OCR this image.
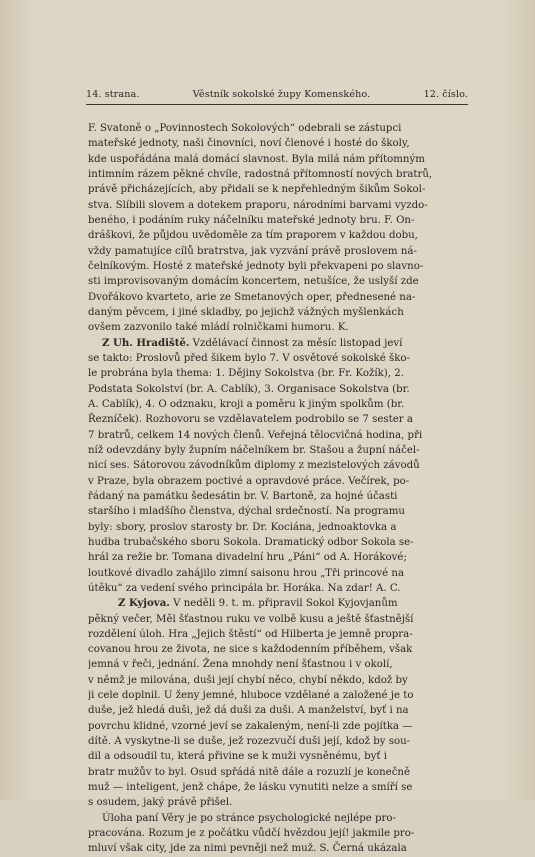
14. strana.	Věstník sokolské župy Komenského.	12. číslo.
F. Svatoně o „Povinnostech Sokolových“ odebrali se zástupci
mateřské jednoty, naši činovníci, noví členové i hosté do školy,
kde uspořádána malá domácí slavnost. Byla milá nám přítomným
intimním rázem pěkné chvíle, radostná přítomností nových bratrů,
právě přicházejících, aby přidali se k nepřehledným šikům Sokol-
stva. Slíbili slovem a dotekem praporu, národními barvami vyzdo-
beného, i podáním ruky náčelníku mateřské jednoty bru. F. On-
dráškovi, že půjdou uvědoměle za tím praporem v každou dobu,
vždy pamatujíce cílů bratrstva, jak vyzvání právě proslovem ná-
čelníkovým. Hosté z mateřské jednoty byli překvapeni po slavno-
sti improvisovaným domácím koncertem, netušíce, že uslyší zde
Dvořákovo kvarteto, arie ze Smetanových oper, přednesené na-
daným pěvcem, i jiné skladby, po jejichž vážných myšlenkách
ovšem zazvonilo také mládí rolničkami humoru. K.
Z Uh. Hradiště. Vzdělávací činnost za měsíc listopad jeví
se takto: Proslovů před šikem bylo 7. V osvětové sokolské ško-
le probrána byla thema: 1. Dějiny Sokolstva (br. Fr. Kožík), 2.
Podstata Sokolství (br. A. Cablík), 3. Organisace Sokolstva (br.
A. Cablík), 4. O odznaku, kroji a poměru k jiným spolkům (br.
Řezníček). Rozhovoru se vzdělavatelem podrobilo se 7 sester a
7 bratrů, celkem 14 nových členů. Veřejná tělocvičná hodina, při
níž odevzdány byly župním náčelníkem br. Stašou a župní náčel-
nicí ses. Sátorovou závodníkům diplomy z mezistelových závodů
v Praze, byla obrazem poctivé a opravdové práce. Večírek, po-
řádaný na památku šedesátin br. V. Bartoně, za hojné účasti
staršího i mladšího členstva, dýchal srdečností. Na programu
byly: sbory, proslov starosty br. Dr. Kociána, jednoaktovka a
hudba trubačského sboru Sokola. Dramatický odbor Sokola se-
hrál za režie br. Tomana divadelní hru „Páni“ od A. Horákové;
loutkové divadlo zahájilo zimní saisonu hrou „Tři princové na
útěku“ za vedení svého principála br. Horáka. Na zdar! A. C.
Z Kyjova. V neděli 9. t. m. připravil Sokol Kyjovjanům
pěkný večer, Měl šťastnou ruku ve volbě kusu a ještě šťastnější
rozdělení úloh. Hra „Jejich štěstí“ od Hilberta je jemně propra-
covanou hrou ze života, ne sice s každodenním příběhem, však
jemná v řeči, jednání. Žena mnohdy není šťastnou i v okolí,
v němž je milována, duši její chybí něco, chybí někdo, kdož by
ji cele doplnil. U ženy jemné, hluboce vzdělané a založené je to
duše, jež hledá duši, jež dá duši za duši. A manželství, byť i na
povrchu klidné, vzorné jeví se zakaleným, není-li zde pojítka —
dítě. A vyskytne-li se duše, jež rozezvučí duši její, kdož by sou-
dil a odsoudil tu, která přivine se k muži vysněnému, byť i
bratr mužův to byl. Osud spřádá nitě dále a rozuzlí je konečně
muž — inteligent, jenž chápe, že lásku vynutiti nelze a smíří se
s osudem, jaký právě přišel.
Úloha paní Věry je po stránce psychologické nejlépe pro-
pracována. Rozum je z počátku vůdčí hvězdou její! jakmile pro-
mluví však city, jde za nimi pevněji než muž. S. Černá ukázala
